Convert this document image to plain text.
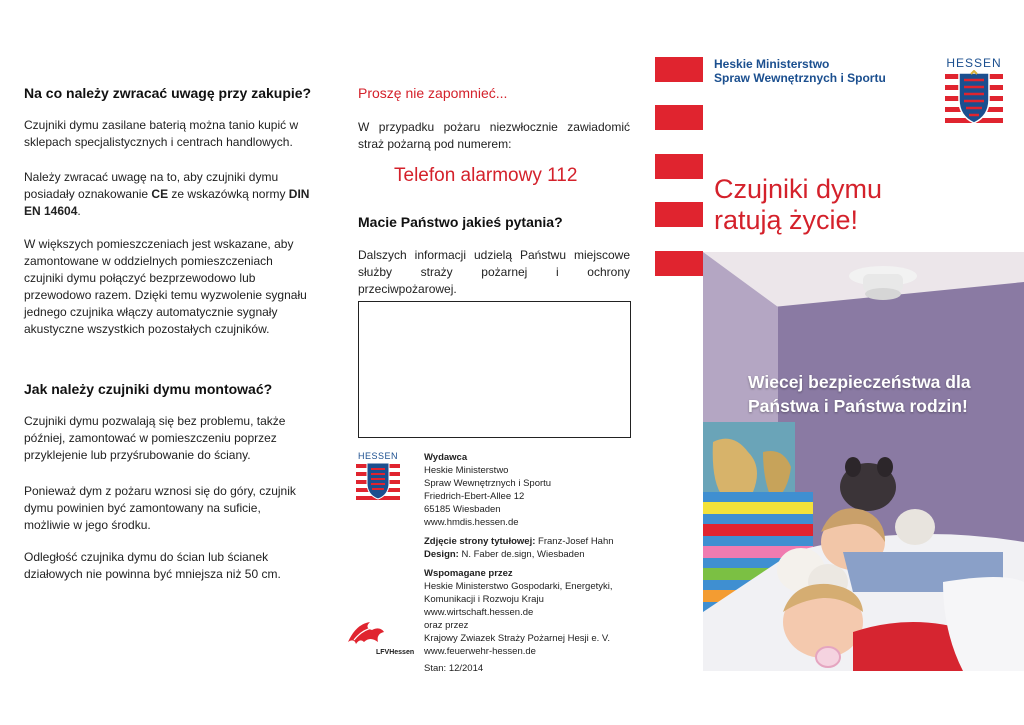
Na co należy zwracać uwagę przy zakupie?
Czujniki dymu zasilane baterią można tanio kupić w sklepach specjalistycznych i centrach handlowych.
Należy zwracać uwagę na to, aby czujniki dymu posiadały oznakowanie CE ze wskazówką normy DIN EN 14604.
W większych pomieszczeniach jest wskazane, aby zamontowane w oddzielnych pomieszczeniach czujniki dymu połączyć bezprzewodowo lub przewodowo razem. Dzięki temu wyzwolenie sygnału jednego czujnika włączy automatycznie sygnały akustyczne wszystkich pozostałych czujników.
Jak należy czujniki dymu montować?
Czujniki dymu pozwalają się bez problemu, także później, zamontować w pomieszczeniu poprzez przyklejenie lub przyśrubowanie do ściany.
Ponieważ dym z pożaru wznosi się do góry, czujnik dymu powinien być zamontowany na suficie, możliwie w jego środku.
Odległość czujnika dymu do ścian lub ścianek działowych nie powinna być mniejsza niż 50 cm.
Proszę nie zapomnieć...
W przypadku pożaru niezwłocznie zawiadomić straż pożarną pod numerem:
Telefon alarmowy 112
Macie Państwo jakieś pytania?
Dalszych informacji udzielą Państwu miejscowe służby straży pożarnej i ochrony przeciwpożarowej.
HESSEN
LFVHessen
Wydawca
Heskie Ministerstwo
Spraw Wewnętrznych i Sportu
Friedrich-Ebert-Allee 12
65185 Wiesbaden
www.hmdis.hessen.de
Zdjęcie strony tytułowej: Franz-Josef Hahn
Design: N. Faber de.sign, Wiesbaden
Wspomagane przez
Heskie Ministerstwo Gospodarki, Energetyki,
Komunikacji i Rozwoju Kraju
www.wirtschaft.hessen.de
oraz przez
Krajowy Zwiazek Straży Pożarnej Hesji e. V.
www.feuerwehr-hessen.de
Stan: 12/2014
Heskie Ministerstwo
Spraw Wewnętrznych i Sportu
HESSEN
Czujniki dymu
ratują życie!
Wiecej bezpieczeństwa dla
Państwa i Państwa rodzin!
